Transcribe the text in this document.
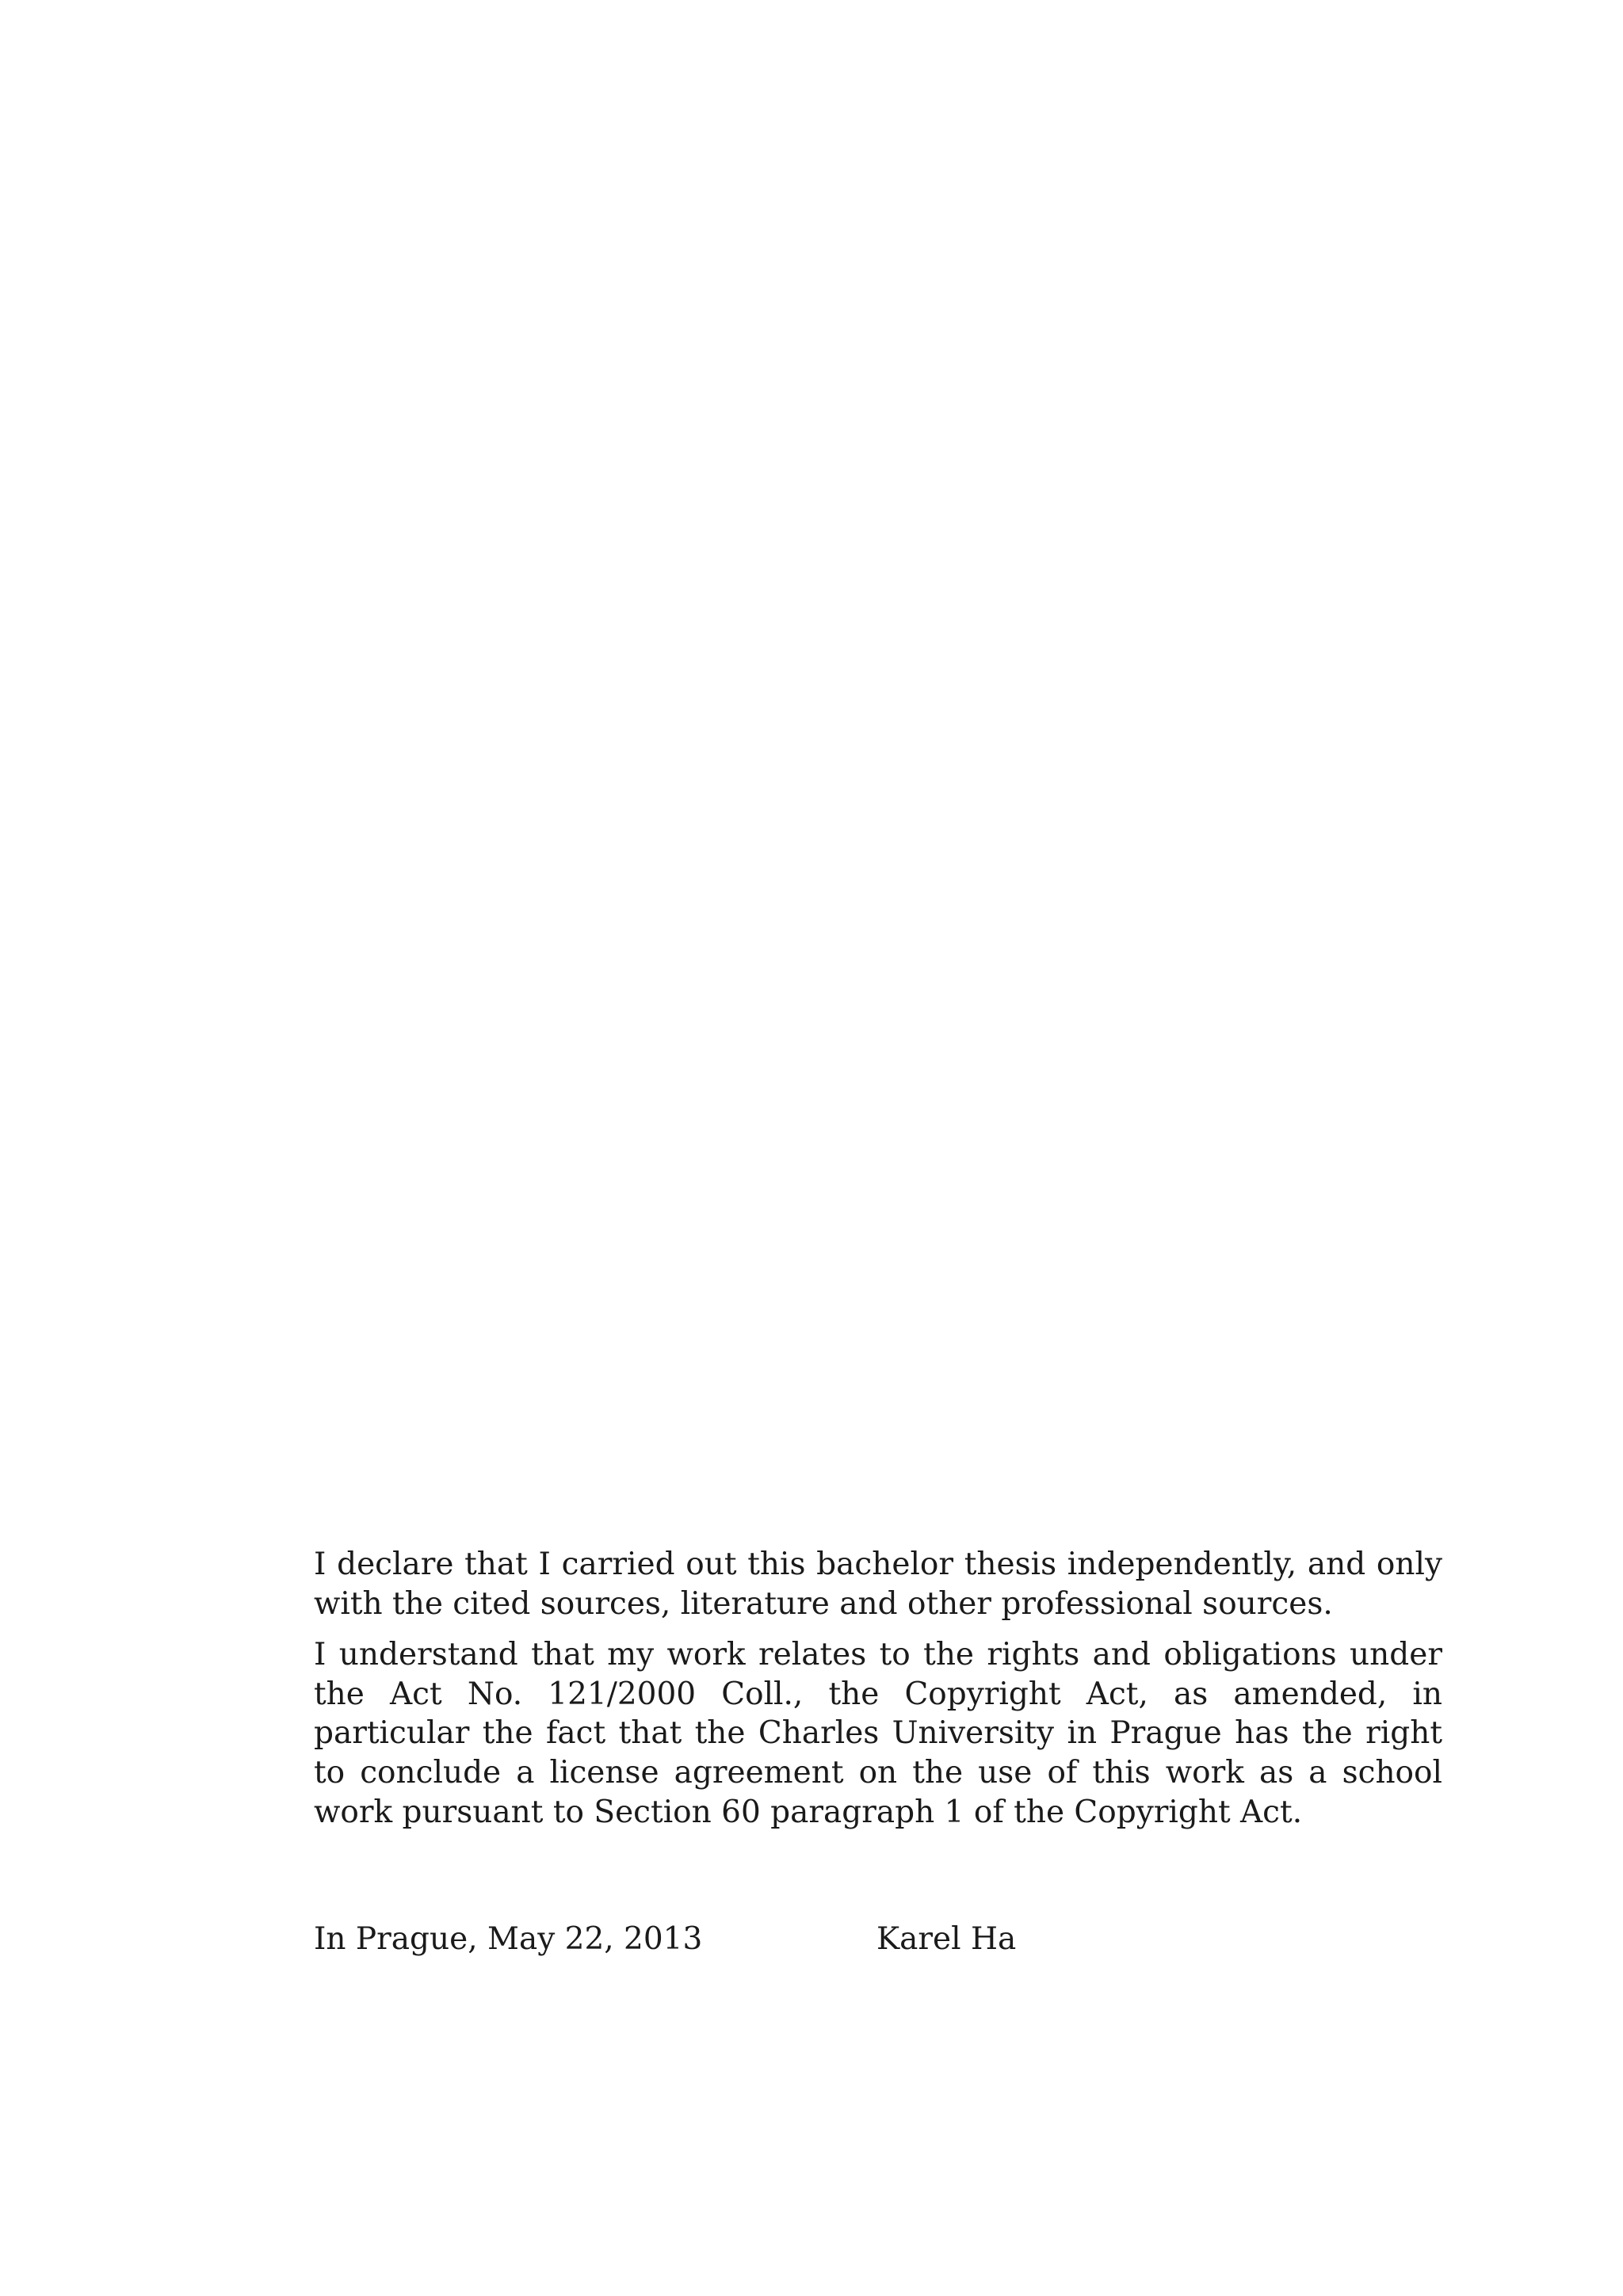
I declare that I carried out this bachelor thesis independently, and only with the cited sources, literature and other professional sources.

I understand that my work relates to the rights and obligations under the Act No. 121/2000 Coll., the Copyright Act, as amended, in particular the fact that the Charles University in Prague has the right to conclude a license agreement on the use of this work as a school work pursuant to Section 60 paragraph 1 of the Copyright Act.

In Prague, May 22, 2013	Karel Ha
